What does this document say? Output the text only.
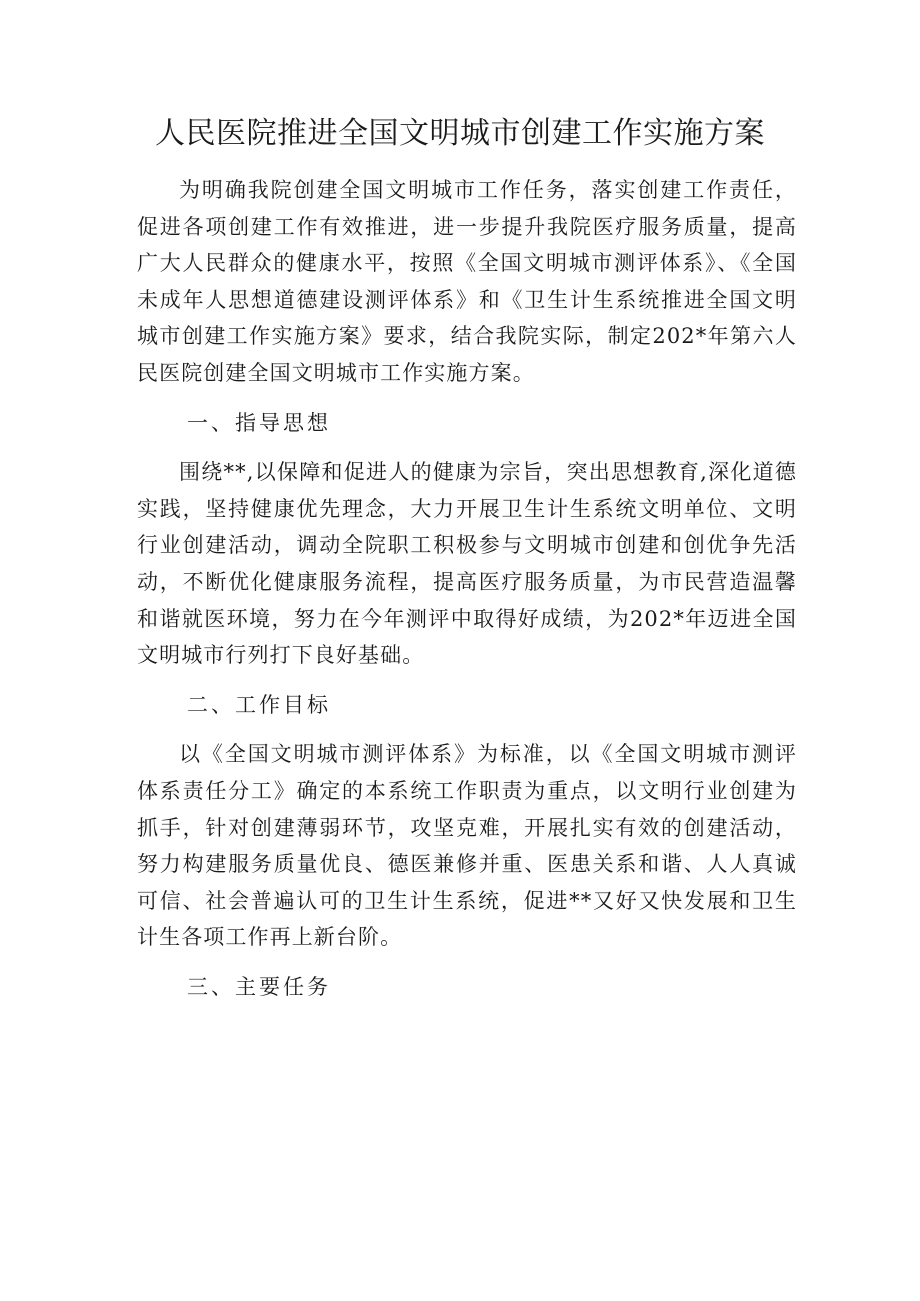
人民医院推进全国文明城市创建工作实施方案

为明确我院创建全国文明城市工作任务，落实创建工作责任，促进各项创建工作有效推进，进一步提升我院医疗服务质量，提高广大人民群众的健康水平，按照《全国文明城市测评体系》、《全国未成年人思想道德建设测评体系》和《卫生计生系统推进全国文明城市创建工作实施方案》要求，结合我院实际，制定202*年第六人民医院创建全国文明城市工作实施方案。

一、指导思想

围绕**,以保障和促进人的健康为宗旨，突出思想教育,深化道德实践，坚持健康优先理念，大力开展卫生计生系统文明单位、文明行业创建活动，调动全院职工积极参与文明城市创建和创优争先活动，不断优化健康服务流程，提高医疗服务质量，为市民营造温馨和谐就医环境，努力在今年测评中取得好成绩，为202*年迈进全国文明城市行列打下良好基础。

二、工作目标

以《全国文明城市测评体系》为标准，以《全国文明城市测评体系责任分工》确定的本系统工作职责为重点，以文明行业创建为抓手，针对创建薄弱环节，攻坚克难，开展扎实有效的创建活动，努力构建服务质量优良、德医兼修并重、医患关系和谐、人人真诚可信、社会普遍认可的卫生计生系统，促进**又好又快发展和卫生计生各项工作再上新台阶。

三、主要任务
